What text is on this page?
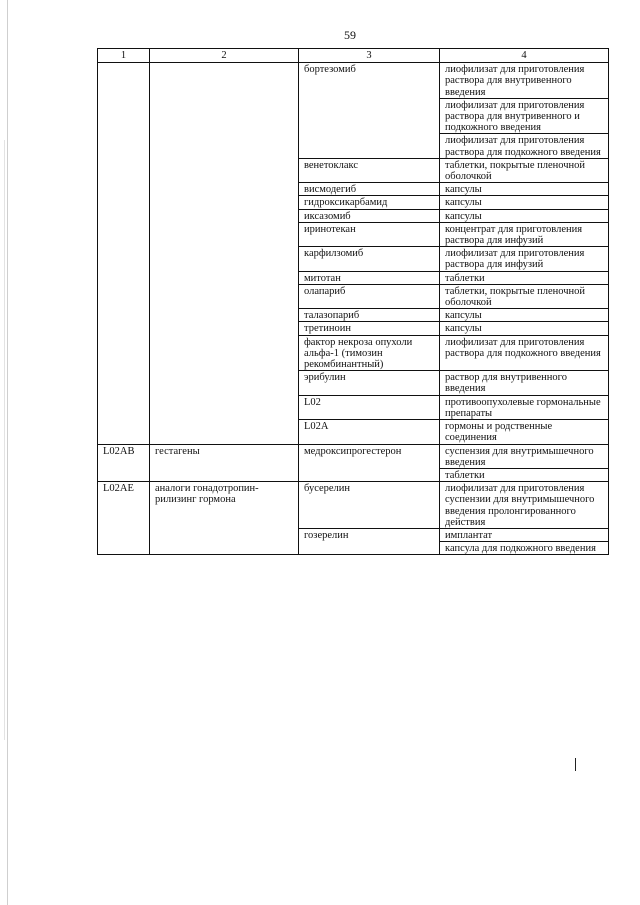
59
1	2	3	4	
		бортезомиб	лиофилизат для приготовления раствора для внутривенного введения	
			лиофилизат для приготовления раствора для внутривенного и подкожного введения	
			лиофилизат для приготовления раствора для подкожного введения	
		венетоклакс	таблетки, покрытые пленочной оболочкой	
		висмодегиб	капсулы	
		гидроксикарбамид	капсулы	
		иксазомиб	капсулы	
		иринотекан	концентрат для приготовления раствора для инфузий	
		карфилзомиб	лиофилизат для приготовления раствора для инфузий	
		митотан	таблетки	
		олапариб	таблетки, покрытые пленочной оболочкой	
		талазопариб	капсулы	
		третиноин	капсулы	
		фактор некроза опухоли альфа-1 (тимозин рекомбинантный)	лиофилизат для приготовления раствора для подкожного введения	
		эрибулин	раствор для внутривенного введения	
		L02	противоопухолевые гормональные препараты		
		L02A	гормоны и родственные соединения		
L02AB	гестагены	медроксипрогестерон	суспензия для внутримышечного введения	
			таблетки	
L02AE	аналоги гонадотропин-рилизинг гормона	бусерелин	лиофилизат для приготовления суспензии для внутримышечного введения пролонгированного действия	
		гозерелин	имплантат	
			капсула для подкожного введения	
